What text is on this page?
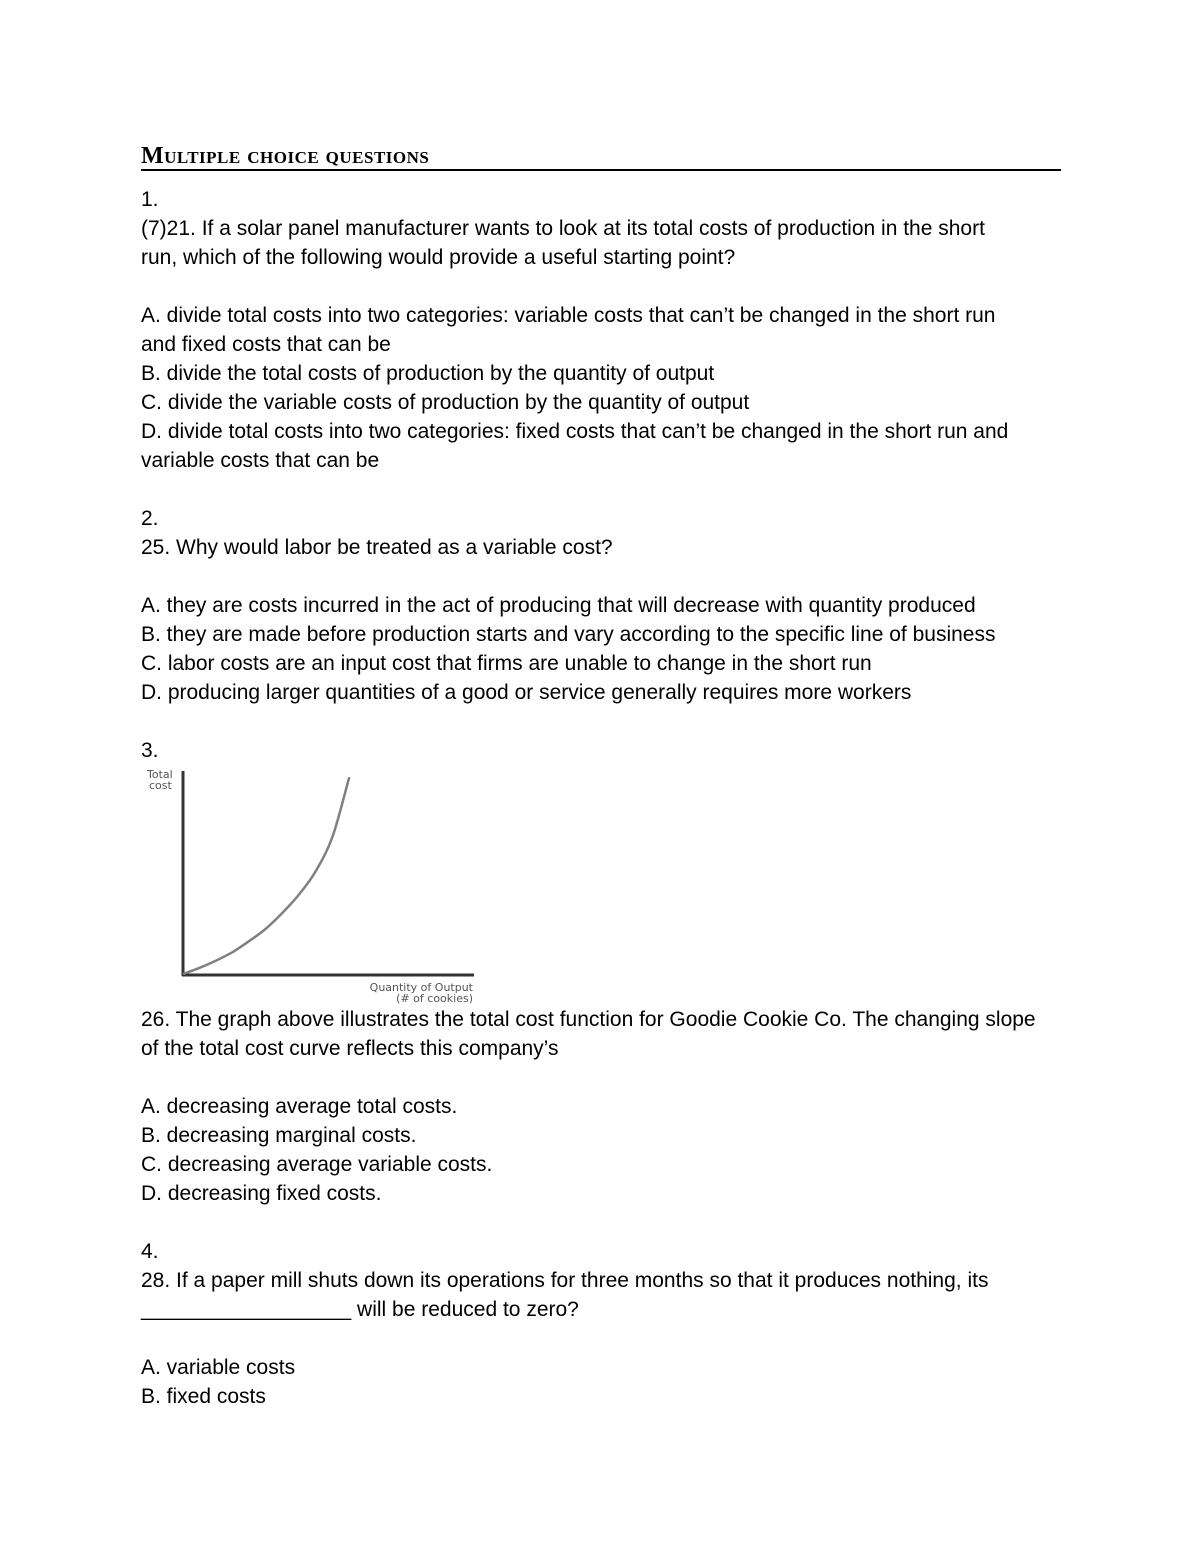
Multiple choice questions
1.
(7)21. If a solar panel manufacturer wants to look at its total costs of production in the short
run, which of the following would provide a useful starting point?
A. divide total costs into two categories: variable costs that can’t be changed in the short run
and fixed costs that can be
B. divide the total costs of production by the quantity of output
C. divide the variable costs of production by the quantity of output
D. divide total costs into two categories: fixed costs that can’t be changed in the short run and
variable costs that can be
2.
25. Why would labor be treated as a variable cost?
A. they are costs incurred in the act of producing that will decrease with quantity produced
B. they are made before production starts and vary according to the specific line of business
C. labor costs are an input cost that firms are unable to change in the short run
D. producing larger quantities of a good or service generally requires more workers
3.
Total
cost
Quantity of Output
(# of cookies)
26. The graph above illustrates the total cost function for Goodie Cookie Co. The changing slope
of the total cost curve reflects this company’s
A. decreasing average total costs.
B. decreasing marginal costs.
C. decreasing average variable costs.
D. decreasing fixed costs.
4.
28. If a paper mill shuts down its operations for three months so that it produces nothing, its
__________________ will be reduced to zero?
A. variable costs
B. fixed costs
